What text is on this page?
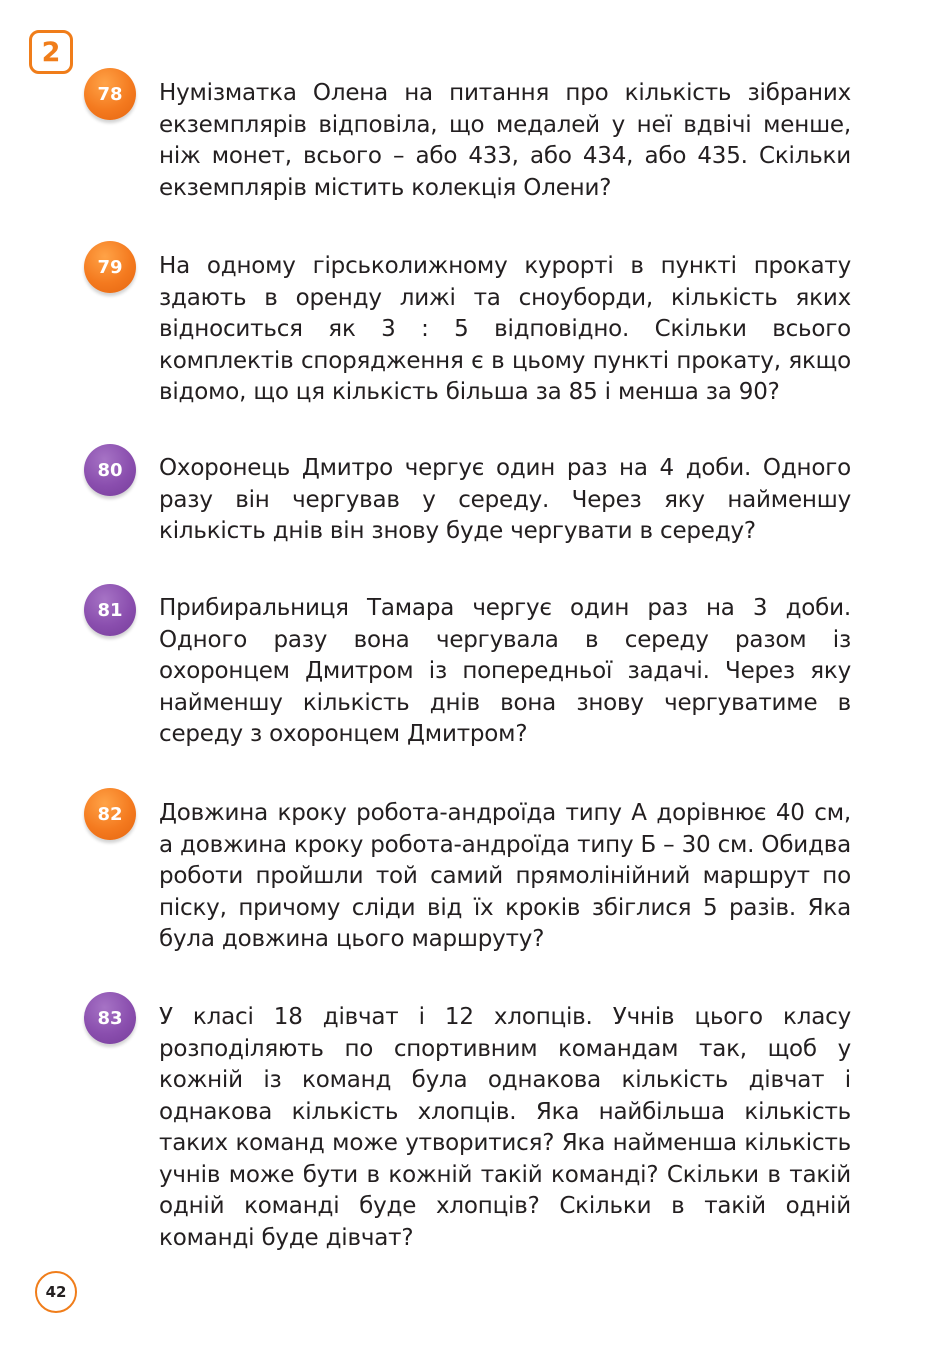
2
78	Нумізматка Олена на питання про кількість зібраних екземплярів відповіла, що медалей у неї вдвічі менше, ніж монет, всього – або 433, або 434, або 435. Скільки екземплярів містить колекція Олени?

79	На одному гірськолижному курорті в пункті прокату здають в оренду лижі та сноуборди, кількість яких відноситься як 3 : 5 відповідно. Скільки всього комплектів спорядження є в цьому пункті прокату, якщо відомо, що ця кількість більша за 85 і менша за 90?

80	Охоронець Дмитро чергує один раз на 4 доби. Одного разу він чергував у середу. Через яку найменшу кількість днів він знову буде чергувати в середу?

81	Прибиральниця Тамара чергує один раз на 3 доби. Одного разу вона чергувала в середу разом із охоронцем Дмитром із попередньої задачі. Через яку найменшу кількість днів вона знову чергуватиме в середу з охоронцем Дмитром?

82	Довжина кроку робота-андроїда типу А дорівнює 40 см, а довжина кроку робота-андроїда типу Б – 30 см. Обидва роботи пройшли той самий прямолінійний маршрут по піску, причому сліди від їх кроків збіглися 5 разів. Яка була довжина цього маршруту?

83	У класі 18 дівчат і 12 хлопців. Учнів цього класу розподіляють по спортивним командам так, щоб у кожній із команд була однакова кількість дівчат і однакова кількість хлопців. Яка найбільша кількість таких команд може утворитися? Яка найменша кількість учнів може бути в кожній такій команді? Скільки в такій одній команді буде хлопців? Скільки в такій одній команді буде дівчат?

42
